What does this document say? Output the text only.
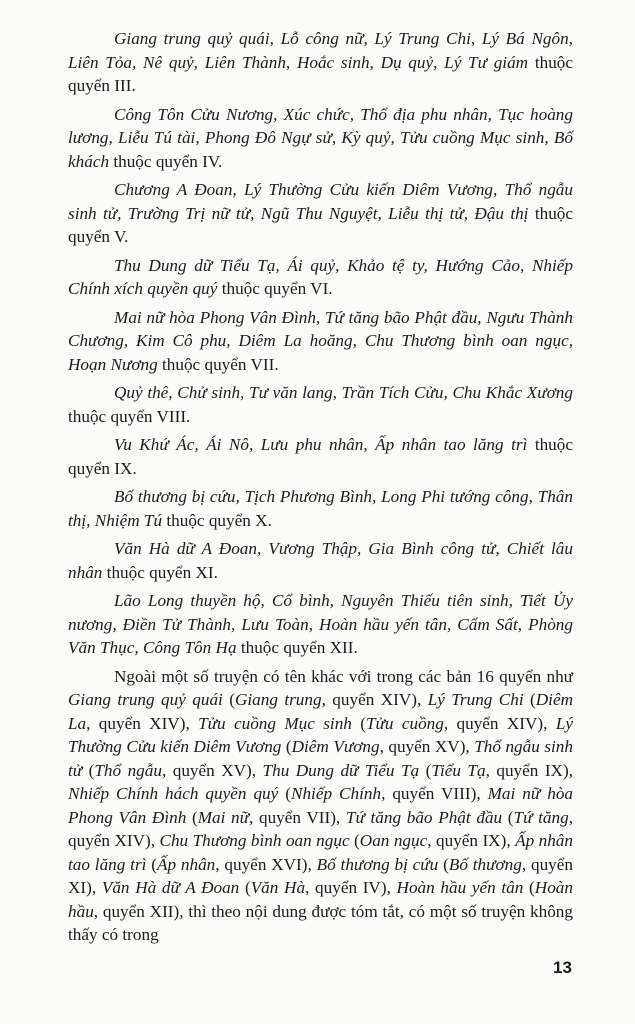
Giang trung quỷ quái, Lỗ công nữ, Lý Trung Chi, Lý Bá Ngôn, Liên Tỏa, Nê quỷ, Liên Thành, Hoắc sinh, Dụ quỷ, Lý Tư giám thuộc quyển III.

Công Tôn Cửu Nương, Xúc chức, Thổ địa phu nhân, Tục hoàng lương, Liễu Tú tài, Phong Đô Ngự sử, Kỳ quỷ, Tửu cuồng Mục sinh, Bố khách thuộc quyển IV.

Chương A Đoan, Lý Thường Cửu kiến Diêm Vương, Thổ ngẫu sinh tử, Trường Trị nữ tử, Ngũ Thu Nguyệt, Liễu thị tử, Đậu thị thuộc quyển V.

Thu Dung dữ Tiểu Tạ, Ái quỷ, Khảo tệ ty, Hướng Cảo, Nhiếp Chính xích quyền quý thuộc quyển VI.

Mai nữ hòa Phong Vân Đình, Tứ tăng bão Phật đầu, Ngưu Thành Chương, Kim Cô phu, Diêm La hoăng, Chu Thương bình oan ngục, Hoạn Nương thuộc quyển VII.

Quỷ thê, Chử sinh, Tư văn lang, Trần Tích Cửu, Chu Khắc Xương thuộc quyển VIII.

Vu Khứ Ác, Ái Nô, Lưu phu nhân, Ấp nhân tao lăng trì thuộc quyển IX.

Bố thương bị cứu, Tịch Phương Bình, Long Phi tướng công, Thân thị, Nhiệm Tú thuộc quyển X.

Văn Hà dữ A Đoan, Vương Thập, Gia Bình công tử, Chiết lâu nhân thuộc quyển XI.

Lão Long thuyền hộ, Cổ bình, Nguyên Thiếu tiên sinh, Tiết Ủy nương, Điền Tử Thành, Lưu Toàn, Hoàn hầu yến tân, Cấm Sất, Phòng Văn Thục, Công Tôn Hạ thuộc quyển XII.

Ngoài một số truyện có tên khác với trong các bản 16 quyển như Giang trung quỷ quái (Giang trung, quyển XIV), Lý Trung Chi (Diêm La, quyển XIV), Tửu cuồng Mục sinh (Tửu cuồng, quyển XIV), Lý Thường Cửu kiến Diêm Vương (Diêm Vương, quyển XV), Thổ ngẫu sinh tử (Thổ ngẫu, quyển XV), Thu Dung dữ Tiểu Tạ (Tiểu Tạ, quyển IX), Nhiếp Chính hách quyền quý (Nhiếp Chính, quyển VIII), Mai nữ hòa Phong Vân Đình (Mai nữ, quyển VII), Tứ tăng bão Phật đầu (Tứ tăng, quyển XIV), Chu Thương bình oan ngục (Oan ngục, quyển IX), Ấp nhân tao lăng trì (Ấp nhân, quyển XVI), Bố thương bị cứu (Bố thương, quyển XI), Văn Hà dữ A Đoan (Văn Hà, quyển IV), Hoàn hầu yến tân (Hoàn hầu, quyển XII), thì theo nội dung được tóm tắt, có một số truyện không thấy có trong

13
